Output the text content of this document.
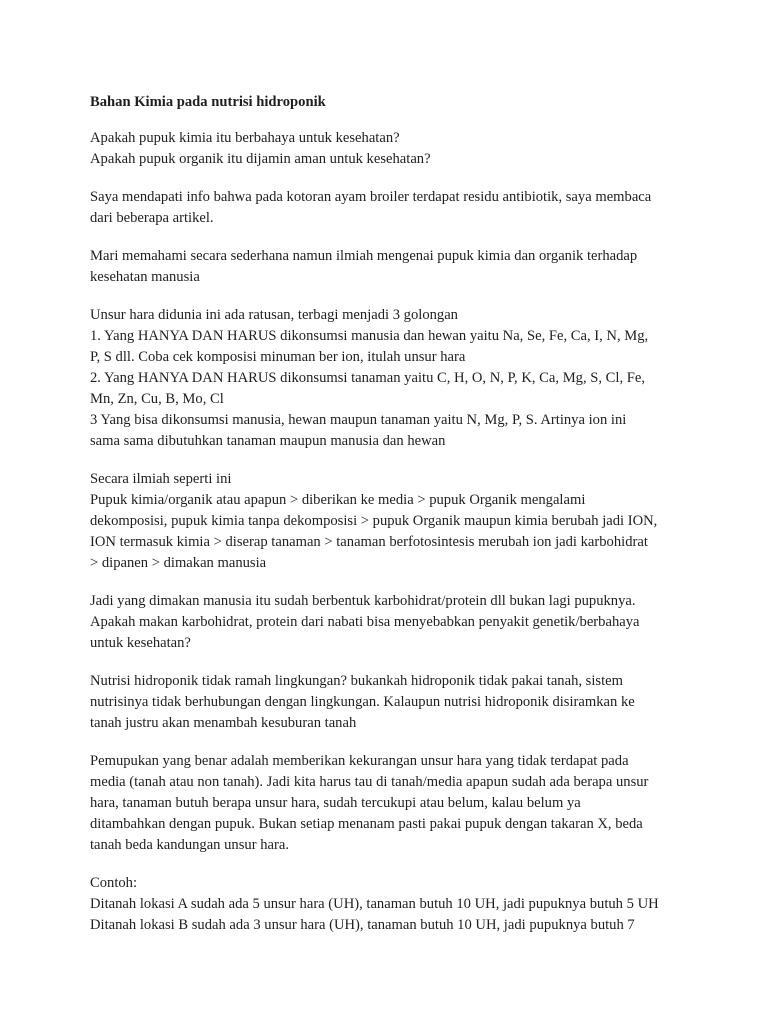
Bahan Kimia pada nutrisi hidroponik
Apakah pupuk kimia itu berbahaya untuk kesehatan?
Apakah pupuk organik itu dijamin aman untuk kesehatan?
Saya mendapati info bahwa pada kotoran ayam broiler terdapat residu antibiotik, saya membaca
dari beberapa artikel.
Mari memahami secara sederhana namun ilmiah mengenai pupuk kimia dan organik terhadap
kesehatan manusia
Unsur hara didunia ini ada ratusan, terbagi menjadi 3 golongan
1. Yang HANYA DAN HARUS dikonsumsi manusia dan hewan yaitu Na, Se, Fe, Ca, I, N, Mg,
P, S dll. Coba cek komposisi minuman ber ion, itulah unsur hara
2. Yang HANYA DAN HARUS dikonsumsi tanaman yaitu C, H, O, N, P, K, Ca, Mg, S, Cl, Fe,
Mn, Zn, Cu, B, Mo, Cl
3 Yang bisa dikonsumsi manusia, hewan maupun tanaman yaitu N, Mg, P, S. Artinya ion ini
sama sama dibutuhkan tanaman maupun manusia dan hewan
Secara ilmiah seperti ini
Pupuk kimia/organik atau apapun > diberikan ke media > pupuk Organik mengalami
dekomposisi, pupuk kimia tanpa dekomposisi > pupuk Organik maupun kimia berubah jadi ION,
ION termasuk kimia > diserap tanaman > tanaman berfotosintesis merubah ion jadi karbohidrat
> dipanen > dimakan manusia
Jadi yang dimakan manusia itu sudah berbentuk karbohidrat/protein dll bukan lagi pupuknya.
Apakah makan karbohidrat, protein dari nabati bisa menyebabkan penyakit genetik/berbahaya
untuk kesehatan?
Nutrisi hidroponik tidak ramah lingkungan? bukankah hidroponik tidak pakai tanah, sistem
nutrisinya tidak berhubungan dengan lingkungan. Kalaupun nutrisi hidroponik disiramkan ke
tanah justru akan menambah kesuburan tanah
Pemupukan yang benar adalah memberikan kekurangan unsur hara yang tidak terdapat pada
media (tanah atau non tanah). Jadi kita harus tau di tanah/media apapun sudah ada berapa unsur
hara, tanaman butuh berapa unsur hara, sudah tercukupi atau belum, kalau belum ya
ditambahkan dengan pupuk. Bukan setiap menanam pasti pakai pupuk dengan takaran X, beda
tanah beda kandungan unsur hara.
Contoh:
Ditanah lokasi A sudah ada 5 unsur hara (UH), tanaman butuh 10 UH, jadi pupuknya butuh 5 UH
Ditanah lokasi B sudah ada 3 unsur hara (UH), tanaman butuh 10 UH, jadi pupuknya butuh 7
